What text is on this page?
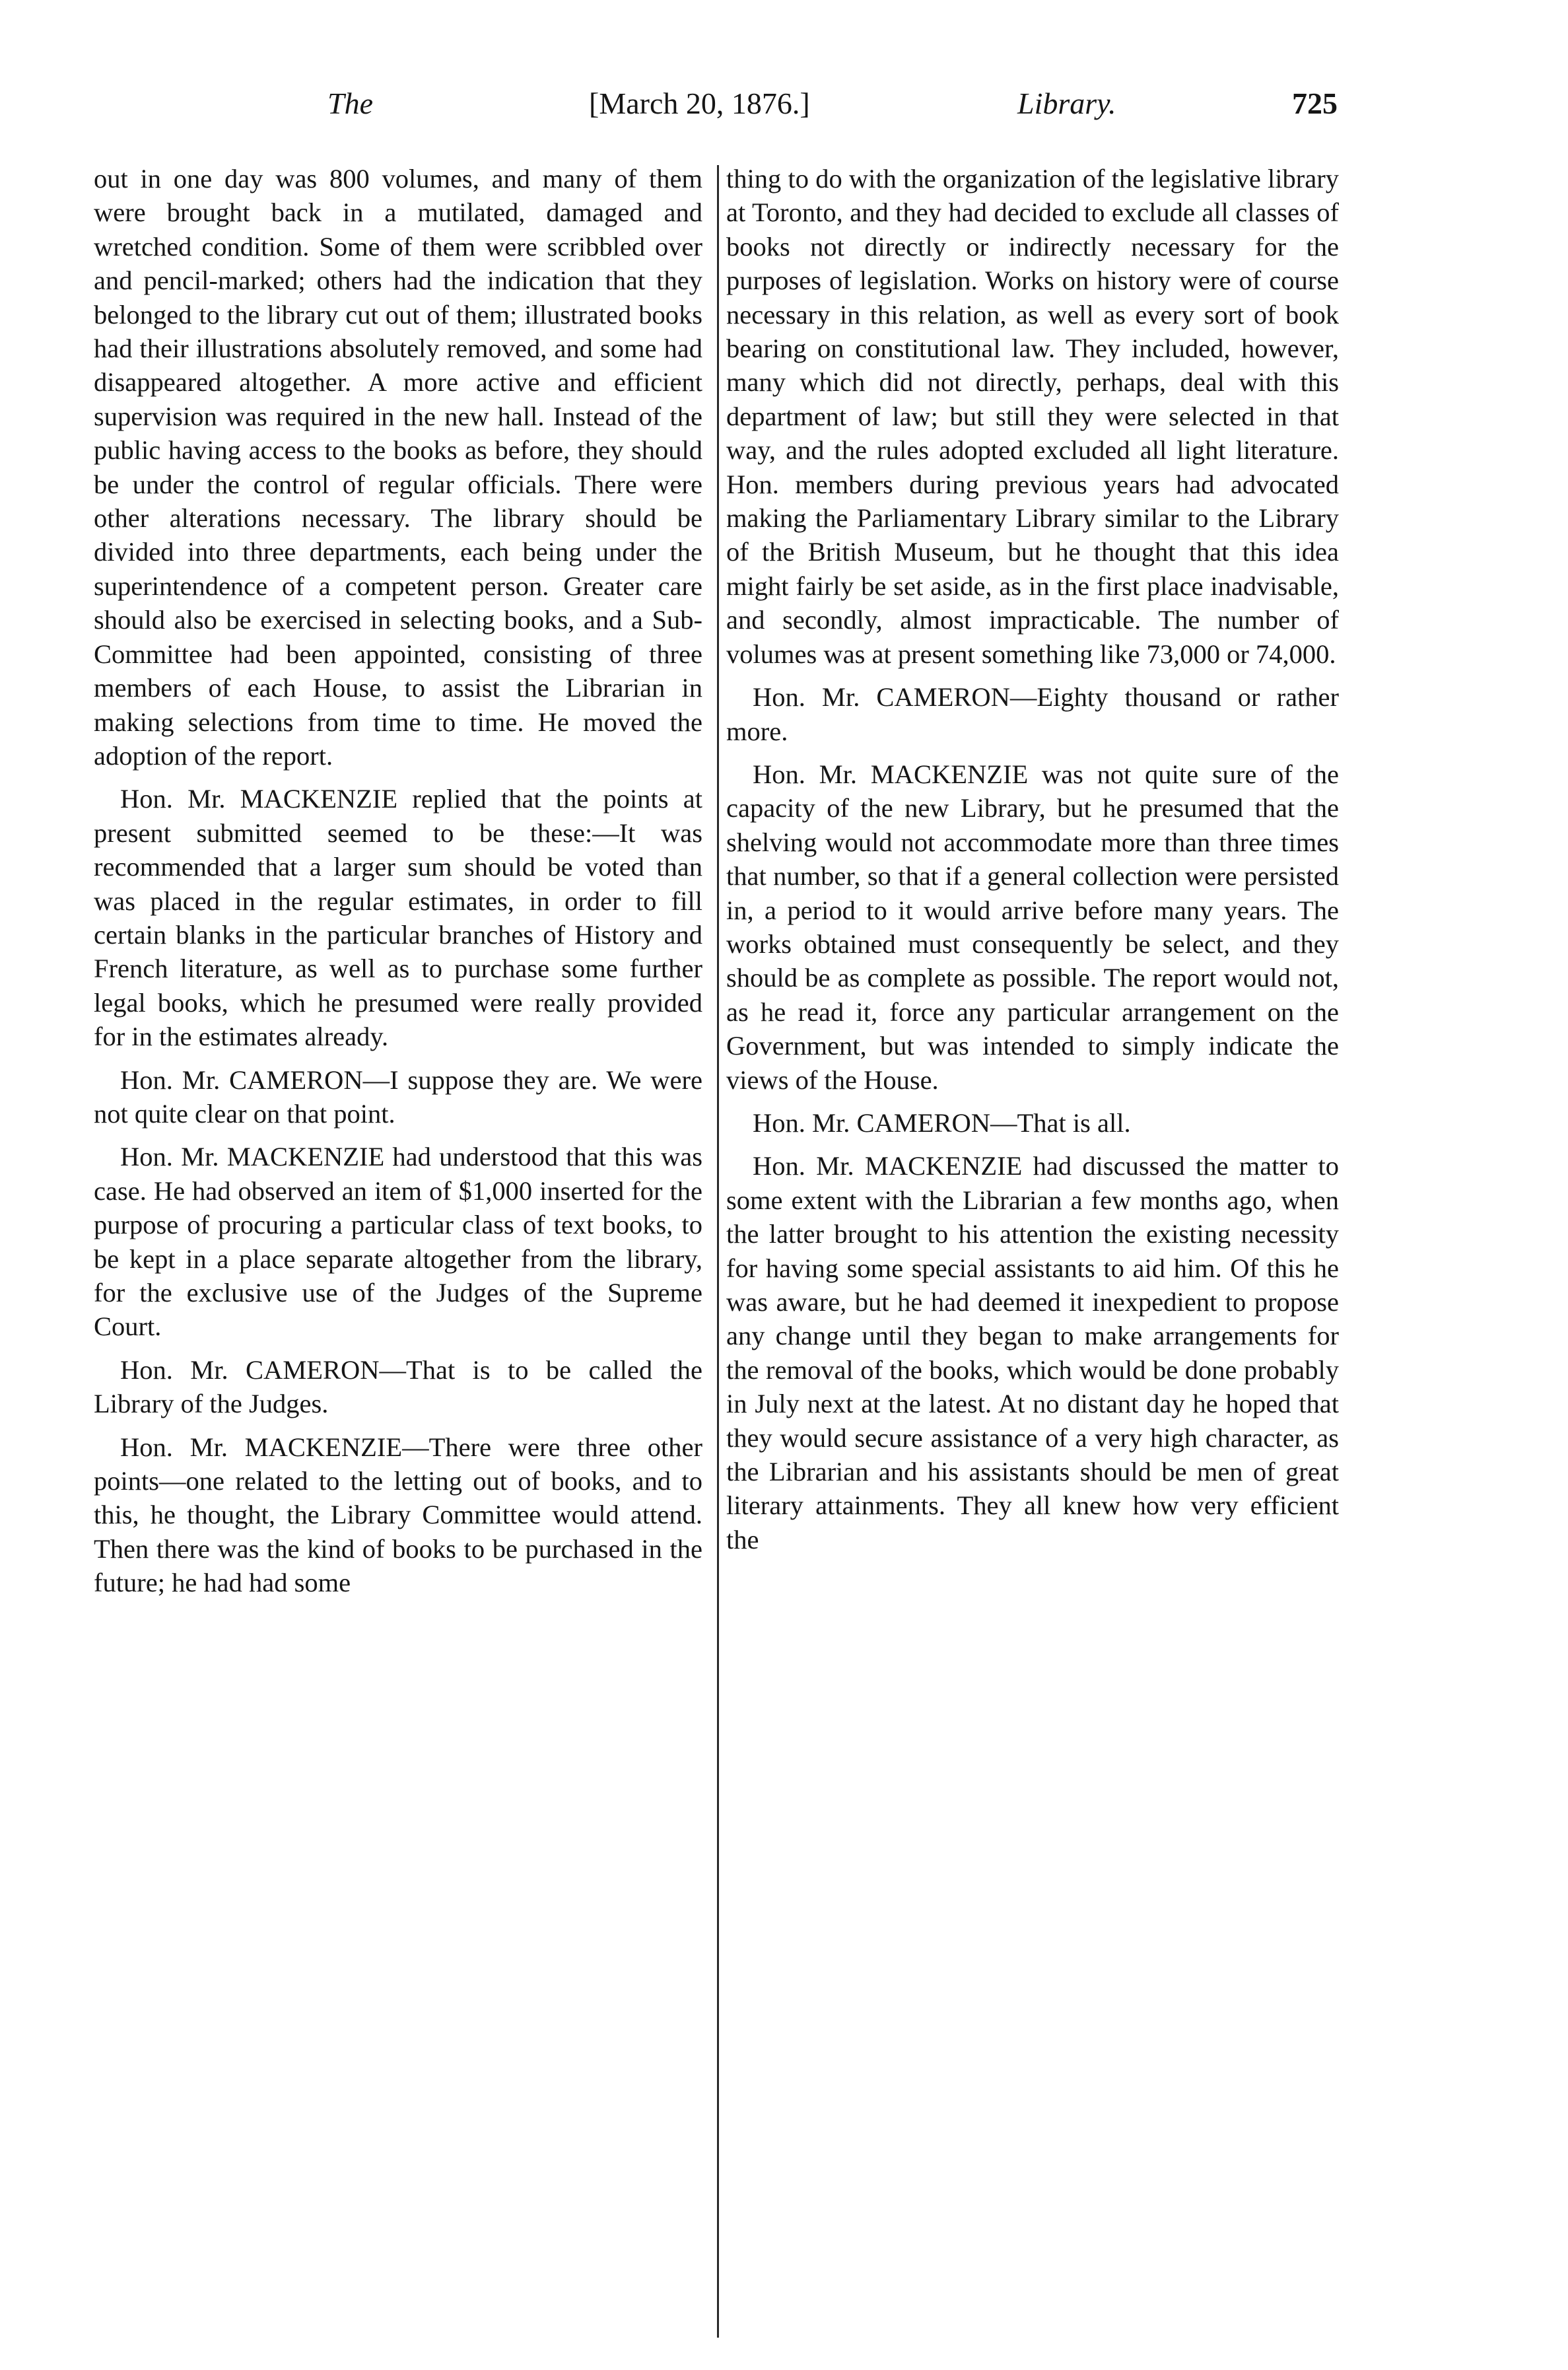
The	[March 20, 1876.]	Library.	725

out in one day was 800 volumes, and many of them were brought back in a mutilated, damaged and wretched condition. Some of them were scribbled over and pencil-marked; others had the indication that they belonged to the library cut out of them; illustrated books had their illustrations absolutely removed, and some had disappeared altogether. A more active and efficient supervision was required in the new hall. Instead of the public having access to the books as before, they should be under the control of regular officials. There were other alterations necessary. The library should be divided into three departments, each being under the superintendence of a competent person. Greater care should also be exercised in selecting books, and a Sub-Committee had been appointed, consisting of three members of each House, to assist the Librarian in making selections from time to time. He moved the adoption of the report.

Hon. Mr. MACKENZIE replied that the points at present submitted seemed to be these:—It was recommended that a larger sum should be voted than was placed in the regular estimates, in order to fill certain blanks in the particular branches of History and French literature, as well as to purchase some further legal books, which he presumed were really provided for in the estimates already.

Hon. Mr. CAMERON—I suppose they are. We were not quite clear on that point.

Hon. Mr. MACKENZIE had understood that this was case. He had observed an item of $1,000 inserted for the purpose of procuring a particular class of text books, to be kept in a place separate altogether from the library, for the exclusive use of the Judges of the Supreme Court.

Hon. Mr. CAMERON—That is to be called the Library of the Judges.

Hon. Mr. MACKENZIE—There were three other points—one related to the letting out of books, and to this, he thought, the Library Committee would attend. Then there was the kind of books to be purchased in the future; he had had some

thing to do with the organization of the legislative library at Toronto, and they had decided to exclude all classes of books not directly or indirectly necessary for the purposes of legislation. Works on history were of course necessary in this relation, as well as every sort of book bearing on constitutional law. They included, however, many which did not directly, perhaps, deal with this department of law; but still they were selected in that way, and the rules adopted excluded all light literature. Hon. members during previous years had advocated making the Parliamentary Library similar to the Library of the British Museum, but he thought that this idea might fairly be set aside, as in the first place inadvisable, and secondly, almost impracticable. The number of volumes was at present something like 73,000 or 74,000.

Hon. Mr. CAMERON—Eighty thousand or rather more.

Hon. Mr. MACKENZIE was not quite sure of the capacity of the new Library, but he presumed that the shelving would not accommodate more than three times that number, so that if a general collection were persisted in, a period to it would arrive before many years. The works obtained must consequently be select, and they should be as complete as possible. The report would not, as he read it, force any particular arrangement on the Government, but was intended to simply indicate the views of the House.

Hon. Mr. CAMERON—That is all.

Hon. Mr. MACKENZIE had discussed the matter to some extent with the Librarian a few months ago, when the latter brought to his attention the existing necessity for having some special assistants to aid him. Of this he was aware, but he had deemed it inexpedient to propose any change until they began to make arrangements for the removal of the books, which would be done probably in July next at the latest. At no distant day he hoped that they would secure assistance of a very high character, as the Librarian and his assistants should be men of great literary attainments. They all knew how very efficient the
